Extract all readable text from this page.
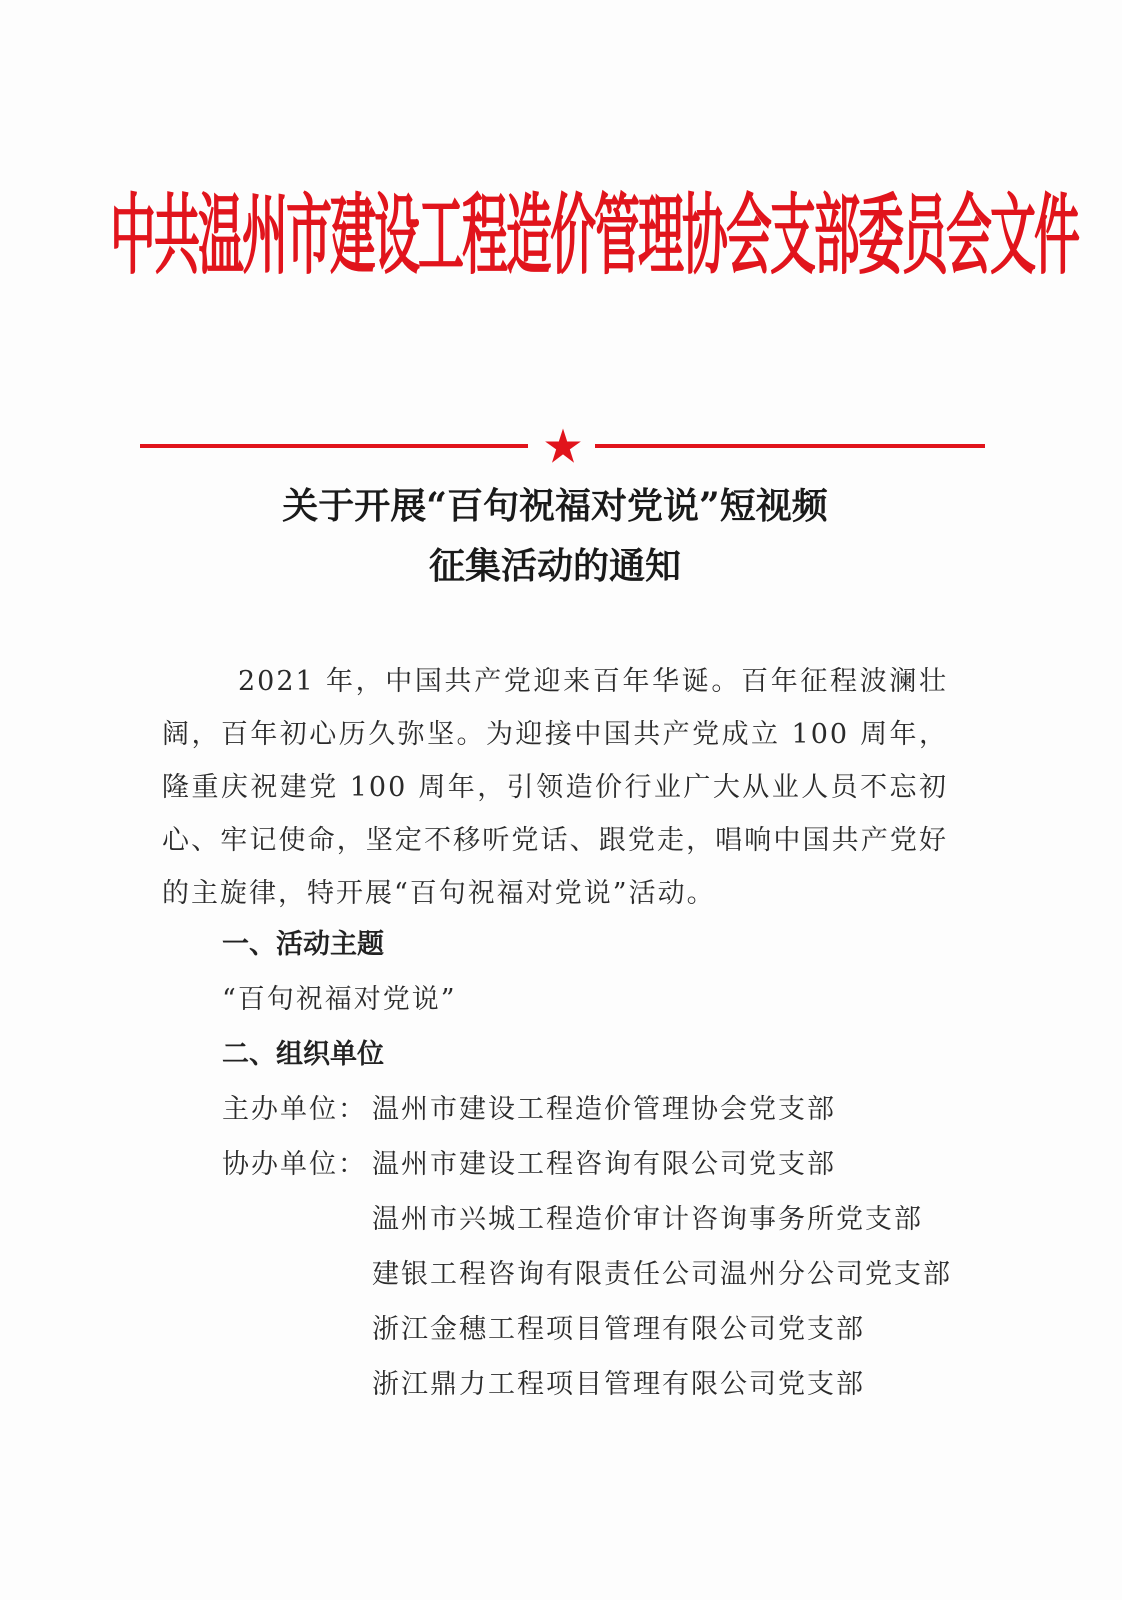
中共温州市建设工程造价管理协会支部委员会文件
关于开展“百句祝福对党说”短视频
征集活动的通知

2021 年，中国共产党迎来百年华诞。百年征程波澜壮阔，百年初心历久弥坚。为迎接中国共产党成立 100 周年，隆重庆祝建党 100 周年，引领造价行业广大从业人员不忘初心、牢记使命，坚定不移听党话、跟党走，唱响中国共产党好的主旋律，特开展“百句祝福对党说”活动。

一、活动主题
“百句祝福对党说”
二、组织单位
主办单位： 温州市建设工程造价管理协会党支部
协办单位： 温州市建设工程咨询有限公司党支部
温州市兴城工程造价审计咨询事务所党支部
建银工程咨询有限责任公司温州分公司党支部
浙江金穗工程项目管理有限公司党支部
浙江鼎力工程项目管理有限公司党支部
